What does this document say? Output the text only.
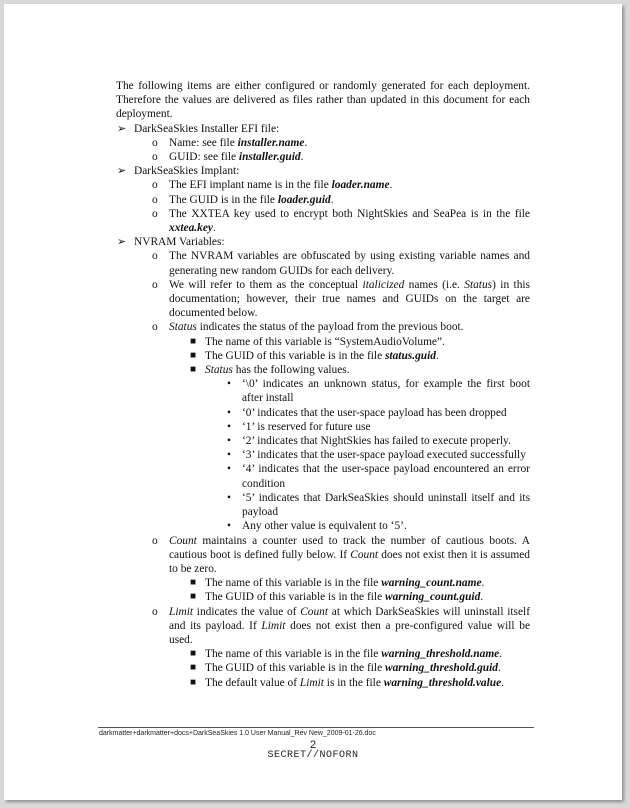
The following items are either configured or randomly generated for each deployment. Therefore the values are delivered as files rather than updated in this document for each deployment.

➢ DarkSeaSkies Installer EFI file:
o Name: see file installer.name.
o GUID: see file installer.guid.
➢ DarkSeaSkies Implant:
o The EFI implant name is in the file loader.name.
o The GUID is in the file loader.guid.
o The XXTEA key used to encrypt both NightSkies and SeaPea is in the file xxtea.key.
➢ NVRAM Variables:
o The NVRAM variables are obfuscated by using existing variable names and generating new random GUIDs for each delivery.
o We will refer to them as the conceptual italicized names (i.e. Status) in this documentation; however, their true names and GUIDs on the target are documented below.
o Status indicates the status of the payload from the previous boot.
■ The name of this variable is “SystemAudioVolume”.
■ The GUID of this variable is in the file status.guid.
■ Status has the following values.
• ‘\0’ indicates an unknown status, for example the first boot after install
• ‘0’ indicates that the user-space payload has been dropped
• ‘1’ is reserved for future use
• ‘2’ indicates that NightSkies has failed to execute properly.
• ‘3’ indicates that the user-space payload executed successfully
• ‘4’ indicates that the user-space payload encountered an error condition
• ‘5’ indicates that DarkSeaSkies should uninstall itself and its payload
• Any other value is equivalent to ‘5’.
o Count maintains a counter used to track the number of cautious boots. A cautious boot is defined fully below. If Count does not exist then it is assumed to be zero.
■ The name of this variable is in the file warning_count.name.
■ The GUID of this variable is in the file warning_count.guid.
o Limit indicates the value of Count at which DarkSeaSkies will uninstall itself and its payload. If Limit does not exist then a pre-configured value will be used.
■ The name of this variable is in the file warning_threshold.name.
■ The GUID of this variable is in the file warning_threshold.guid.
■ The default value of Limit is in the file warning_threshold.value.
darkmatter+darkmatter+docs+DarkSeaSkies 1.0 User Manual_Rev New_2009-01-26.doc
2
SECRET//NOFORN
